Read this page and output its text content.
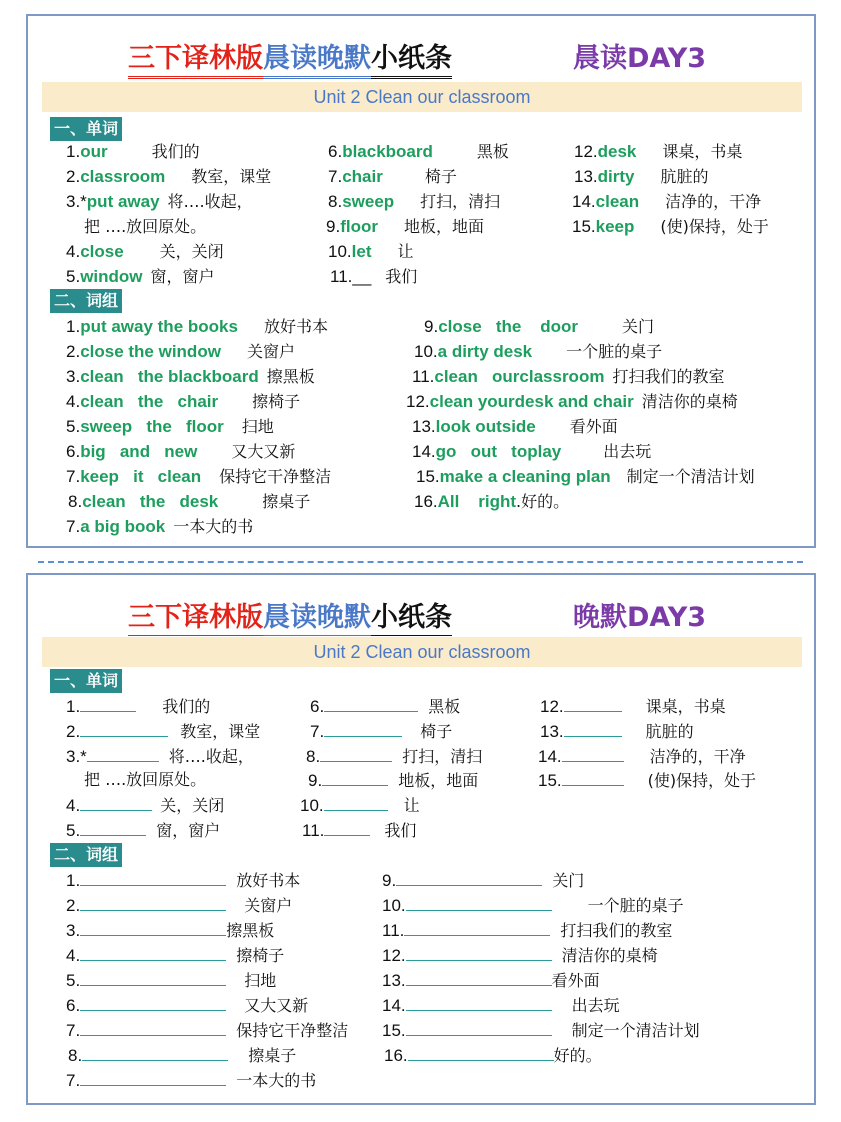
三下译林版晨读晚默小纸条	晨读DAY3
Unit 2 Clean our classroom
一、单词
1.our	我们的
2.classroom 教室，课堂
3.*put away 将….收起，
把 ….放回原处。
4.close 关，关闭
5.window 窗，窗户
6.blackboard	黑板
7.chair	椅子
8.sweep 打扫，清扫
9.floor 地板，地面
10.let 让
11.__ 我们
12.desk 课桌，书桌
13.dirty 肮脏的
14.clean 洁净的，干净
15.keep (使)保持，处于
二、词组
1.put away the books 放好书本
2.close the window 关窗户
3.clean   the blackboard 擦黑板
4.clean   the   chair 擦椅子
5.sweep   the   floor 扫地
6.big   and   new 又大又新
7.keep   it   clean 保持它干净整洁
8.clean   the   desk	擦桌子
7.a big book 一本大的书
9.close   the    door	关门
10.a dirty desk 一个脏的桌子
11.clean   ourclassroom 打扫我们的教室
12.clean yourdesk and chair 清洁你的桌椅
13.look outside 看外面
14.go   out   toplay	出去玩
15.make a cleaning plan 制定一个清洁计划
16.All    right.好的。
三下译林版晨读晚默小纸条	晚默DAY3
Unit 2 Clean our classroom
一、单词
1.	我们的
2.	教室，课堂
3.*	将….收起，
把 ….放回原处。
4.	关，关闭
5.	窗，窗户
6.	黑板
7.	椅子
8.	打扫，清扫
9.	地板，地面
10.	让
11.	我们
12.	课桌，书桌
13.	肮脏的
14.	洁净的，干净
15.	(使)保持，处于
二、词组
1.	放好书本
2.	关窗户
3.	擦黑板
4.	擦椅子
5.	扫地
6.	又大又新
7.	保持它干净整洁
8.	擦桌子
7.	一本大的书
9.	关门
10.	一个脏的桌子
11.	打扫我们的教室
12.	清洁你的桌椅
13.	看外面
14.	出去玩
15.	制定一个清洁计划
16.	好的。
